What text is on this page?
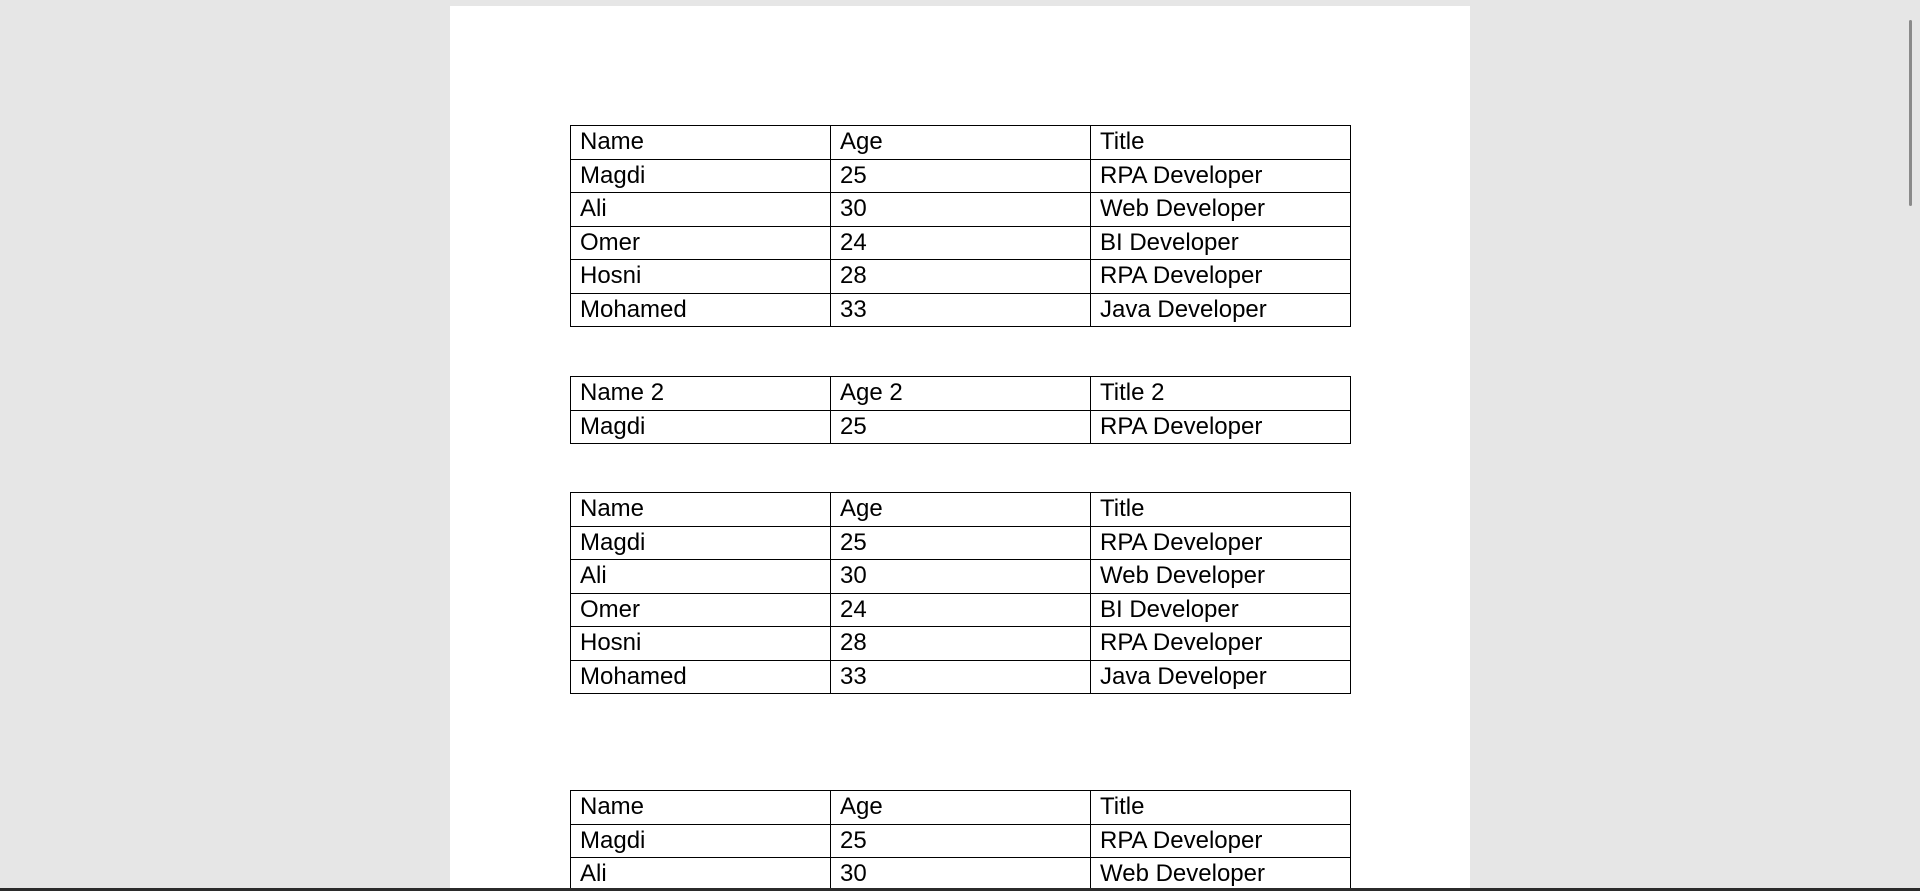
Name	Age	Title
Magdi	25	RPA Developer
Ali	30	Web Developer
Omer	24	BI Developer
Hosni	28	RPA Developer
Mohamed	33	Java Developer
Name 2	Age 2	Title 2
Magdi	25	RPA Developer
Name	Age	Title
Magdi	25	RPA Developer
Ali	30	Web Developer
Omer	24	BI Developer
Hosni	28	RPA Developer
Mohamed	33	Java Developer
Name	Age	Title
Magdi	25	RPA Developer
Ali	30	Web Developer
